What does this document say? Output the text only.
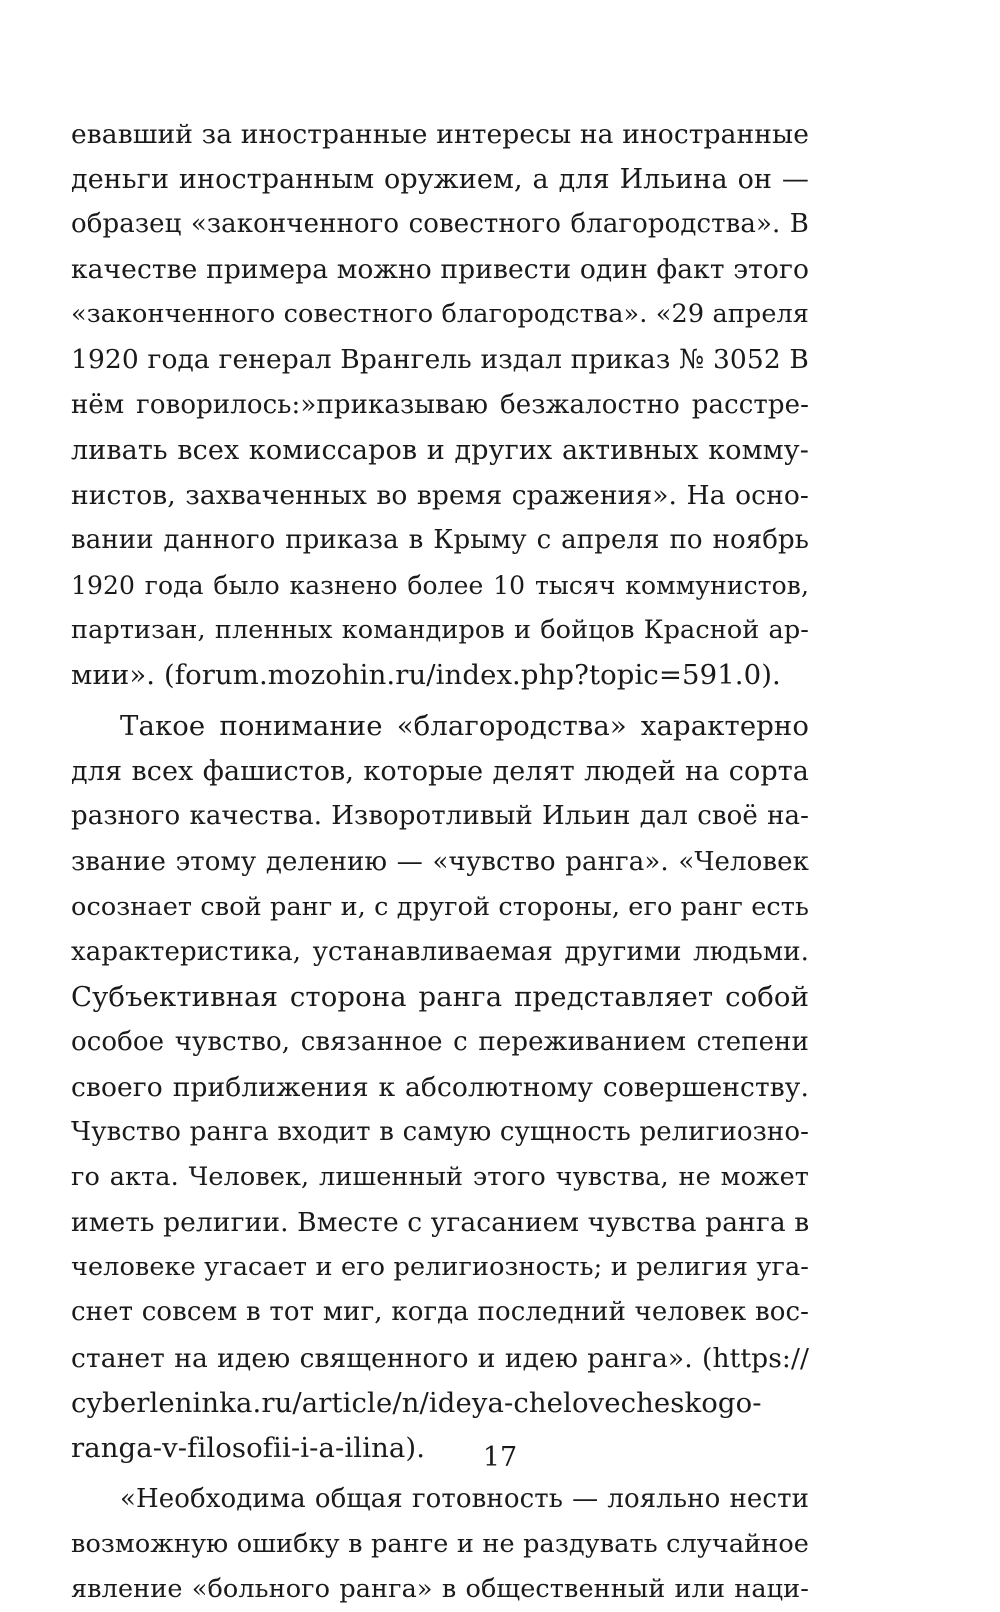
евавший за иностранные интересы на иностранные
деньги иностранным оружием, а для Ильина он —
образец «законченного совестного благородства». В
качестве примера можно привести один факт этого
«законченного совестного благородства». «29 апреля
1920 года генерал Врангель издал приказ № 3052 В
нём говорилось:»приказываю безжалостно расстре-
ливать всех комиссаров и других активных комму-
нистов, захваченных во время сражения». На осно-
вании данного приказа в Крыму с апреля по ноябрь
1920 года было казнено более 10 тысяч коммунистов,
партизан, пленных командиров и бойцов Красной ар-
мии». (forum.mozohin.ru/index.php?topic=591.0).
Такое понимание «благородства» характерно
для всех фашистов, которые делят людей на сорта
разного качества. Изворотливый Ильин дал своё на-
звание этому делению — «чувство ранга». «Человек
осознает свой ранг и, с другой стороны, его ранг есть
характеристика, устанавливаемая другими людьми.
Субъективная сторона ранга представляет собой
особое чувство, связанное с переживанием степени
своего приближения к абсолютному совершенству.
Чувство ранга входит в самую сущность религиозно-
го акта. Человек, лишенный этого чувства, не может
иметь религии. Вместе с угасанием чувства ранга в
человеке угасает и его религиозность; и религия уга-
снет совсем в тот миг, когда последний человек вос-
станет на идею священного и идею ранга». (https://
cyberleninka.ru/article/n/ideya-chelovecheskogo-
ranga-v-filosofii-i-a-ilina).
«Необходима общая готовность — лояльно нести
возможную ошибку в ранге и не раздувать случайное
явление «больного ранга» в общественный или наци-
17
